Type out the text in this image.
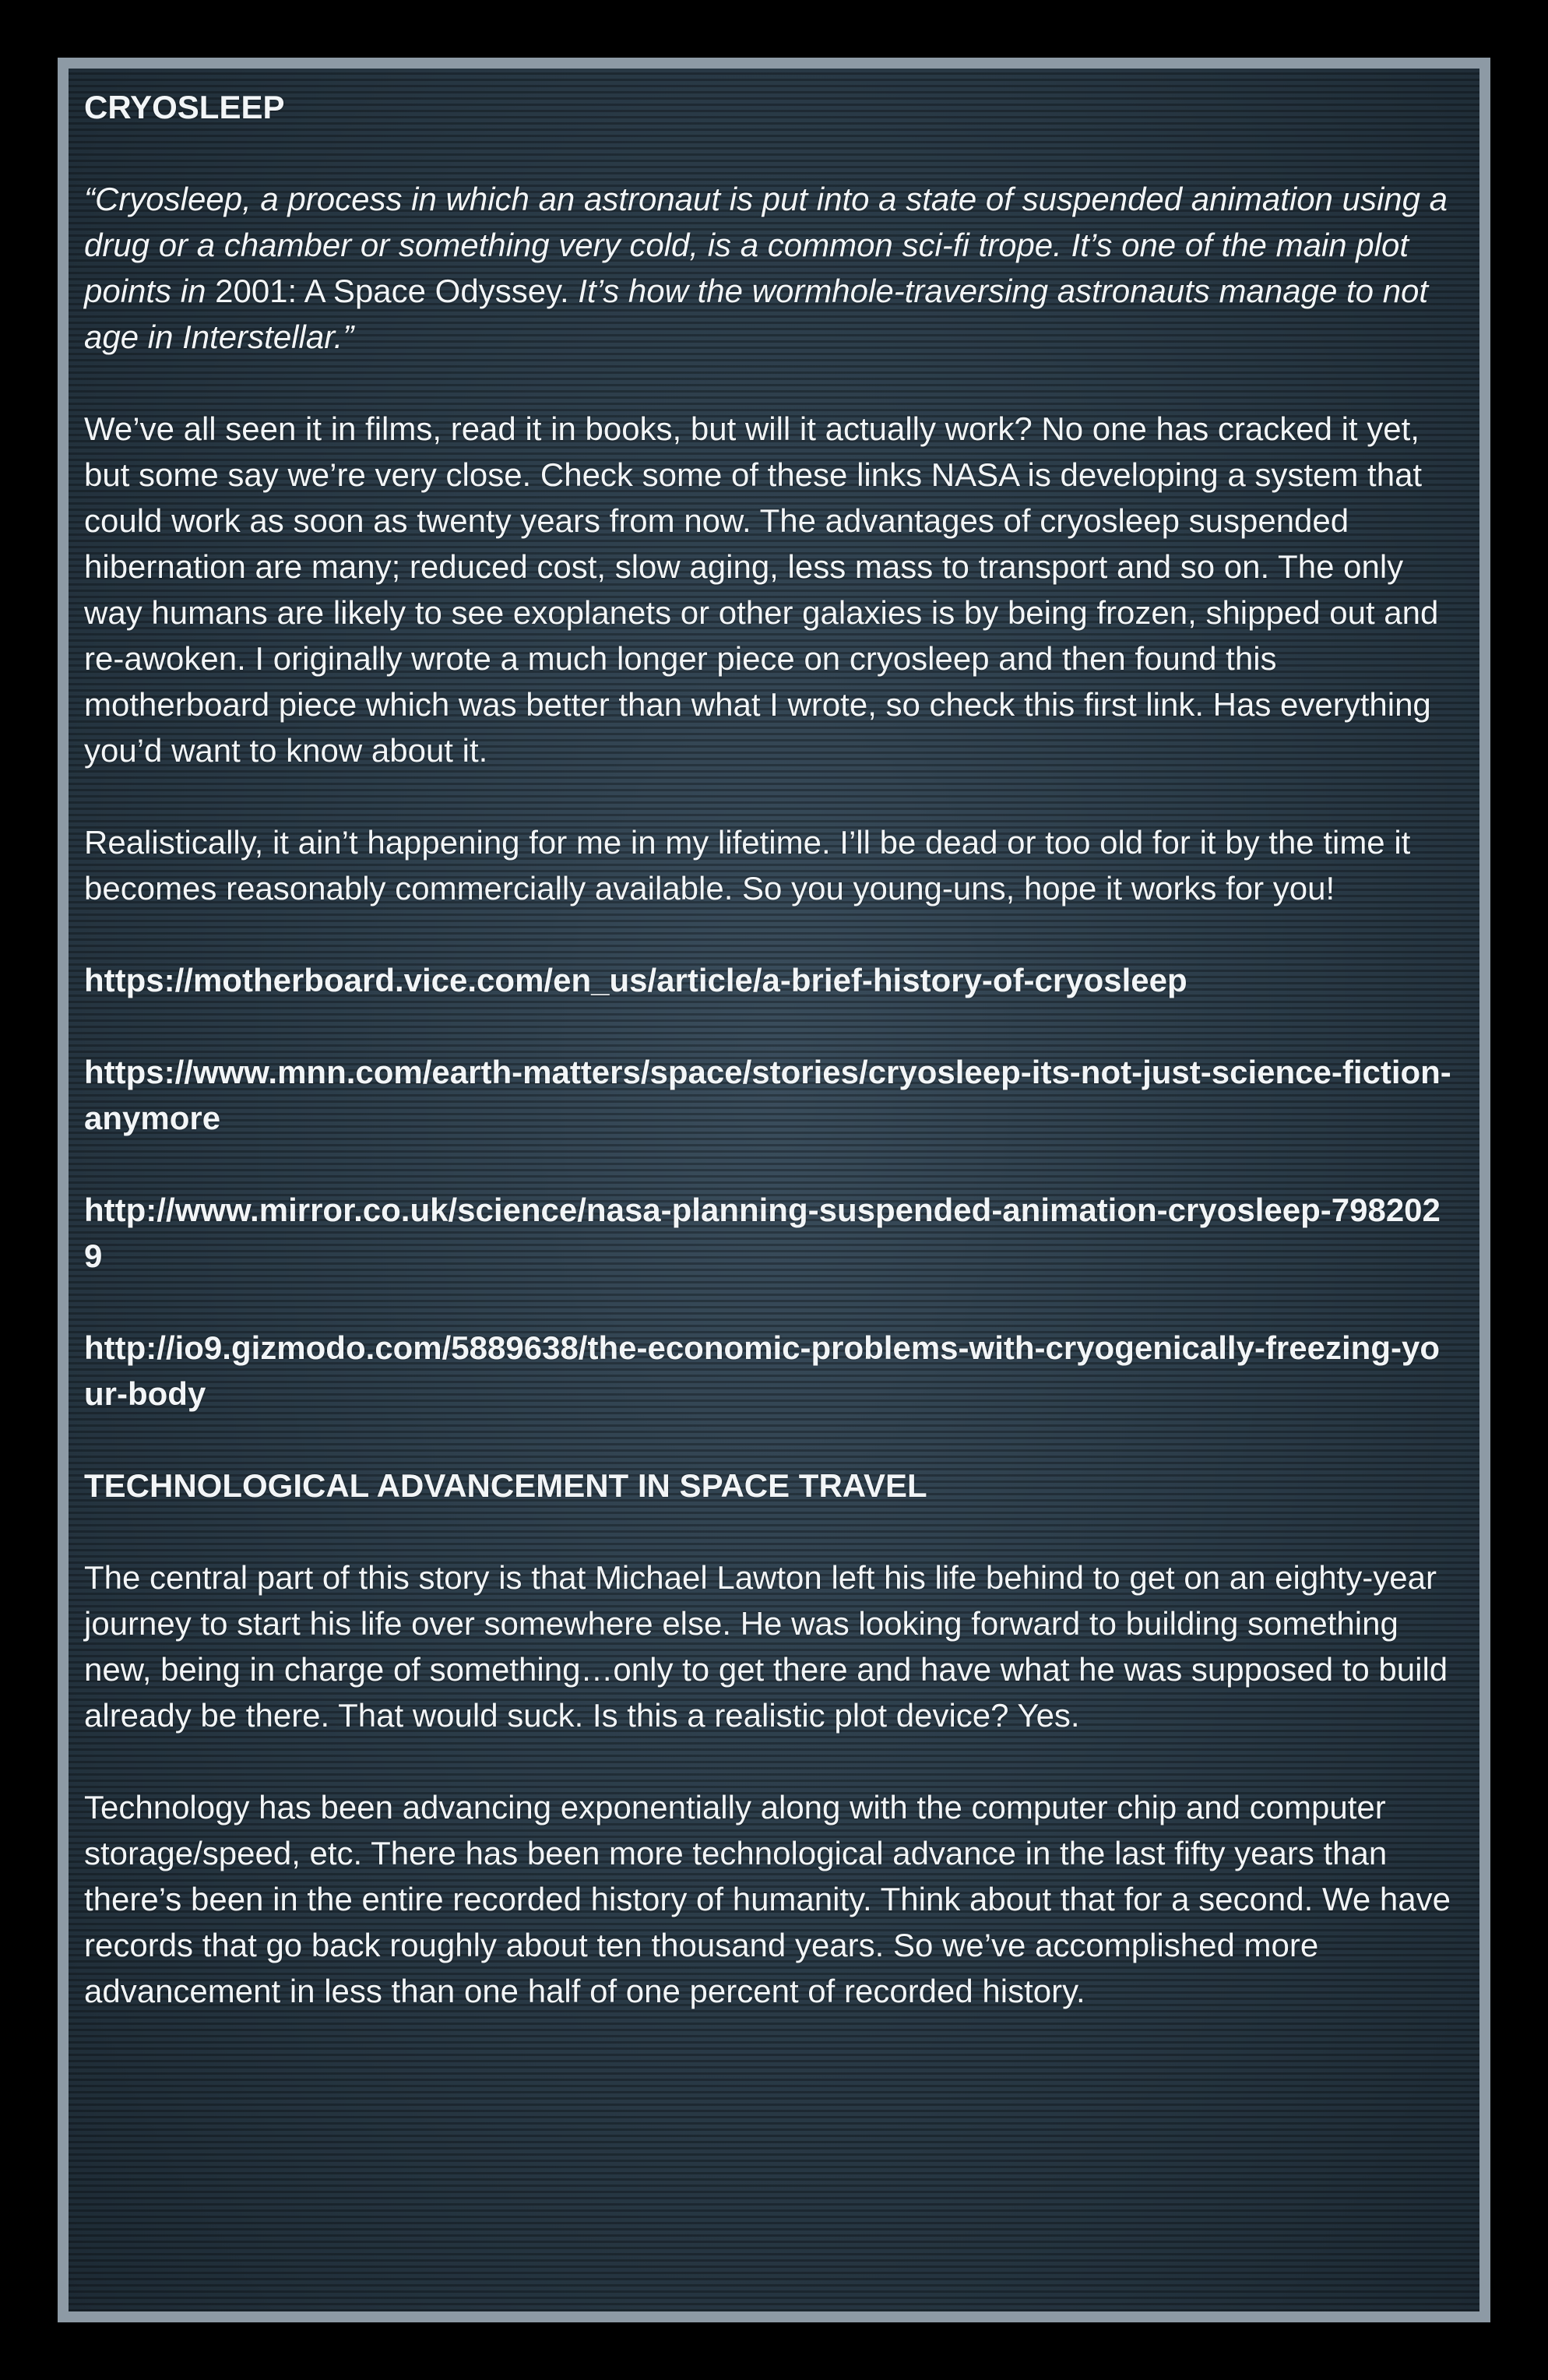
CRYOSLEEP

“Cryosleep, a process in which an astronaut is put into a state of suspended animation using a drug or a chamber or something very cold, is a common sci-fi trope. It’s one of the main plot points in 2001: A Space Odyssey. It’s how the wormhole-traversing astronauts manage to not age in Interstellar.”

We’ve all seen it in films, read it in books, but will it actually work? No one has cracked it yet, but some say we’re very close. Check some of these links NASA is developing a system that could work as soon as twenty years from now. The advantages of cryosleep suspended hibernation are many; reduced cost, slow aging, less mass to transport and so on. The only way humans are likely to see exoplanets or other galaxies is by being frozen, shipped out and re-awoken. I originally wrote a much longer piece on cryosleep and then found this motherboard piece which was better than what I wrote, so check this first link. Has everything you’d want to know about it.

Realistically, it ain’t happening for me in my lifetime. I’ll be dead or too old for it by the time it becomes reasonably commercially available. So you young-uns, hope it works for you!

https://motherboard.vice.com/en_us/article/a-brief-history-of-cryosleep
https://www.mnn.com/earth-matters/space/stories/cryosleep-its-not-just-science-fiction-anymore
http://www.mirror.co.uk/science/nasa-planning-suspended-animation-cryosleep-7982029
http://io9.gizmodo.com/5889638/the-economic-problems-with-cryogenically-freezing-your-body
TECHNOLOGICAL ADVANCEMENT IN SPACE TRAVEL

The central part of this story is that Michael Lawton left his life behind to get on an eighty-year journey to start his life over somewhere else. He was looking forward to building something new, being in charge of something…only to get there and have what he was supposed to build already be there. That would suck. Is this a realistic plot device? Yes.

Technology has been advancing exponentially along with the computer chip and computer storage/speed, etc. There has been more technological advance in the last fifty years than there’s been in the entire recorded history of humanity. Think about that for a second. We have records that go back roughly about ten thousand years. So we’ve accomplished more advancement in less than one half of one percent of recorded history.
